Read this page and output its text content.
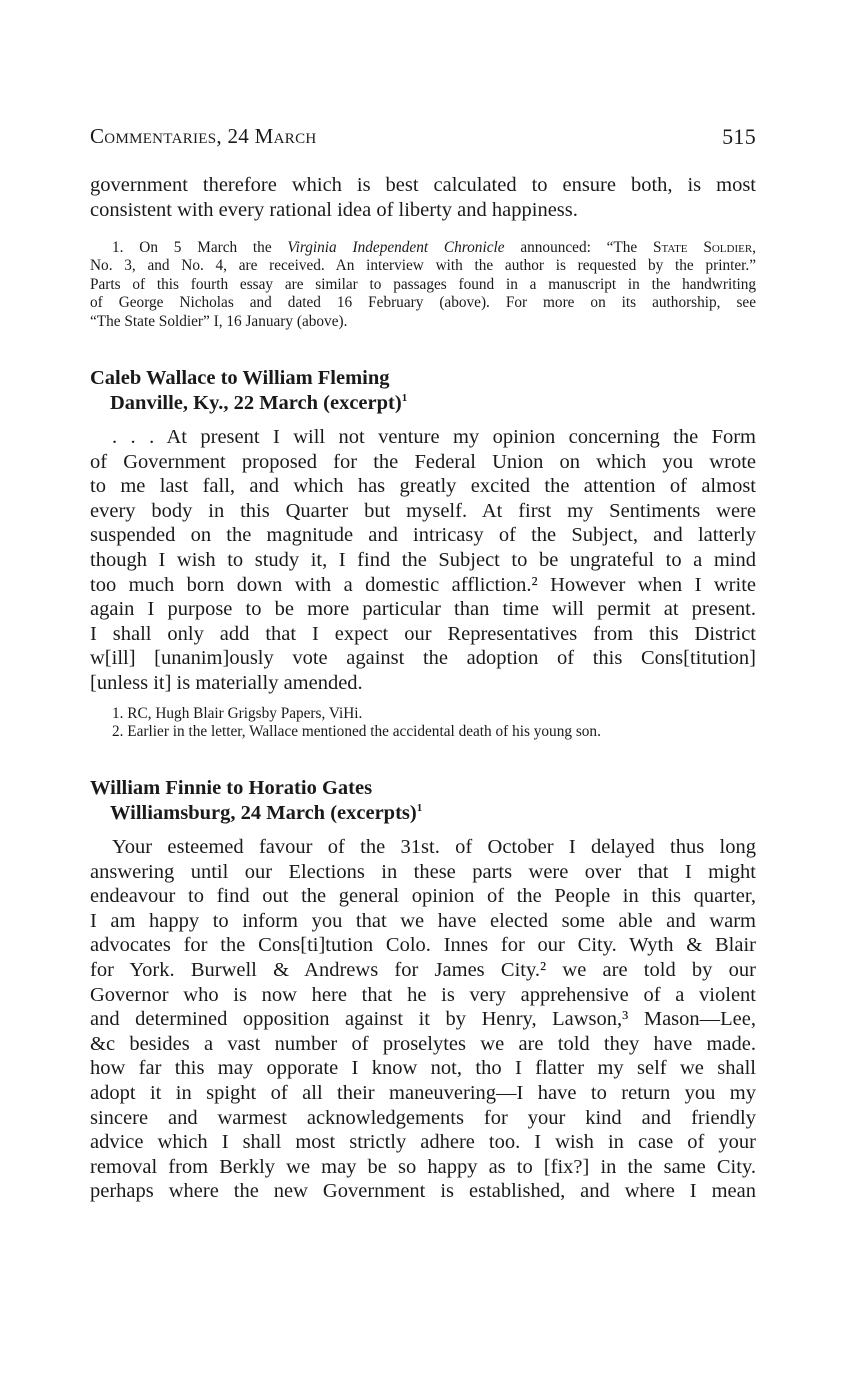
Commentaries, 24 March	515

government therefore which is best calculated to ensure both, is most
consistent with every rational idea of liberty and happiness.

1. On 5 March the Virginia Independent Chronicle announced: “The State Soldier,
No. 3, and No. 4, are received. An interview with the author is requested by the printer.”
Parts of this fourth essay are similar to passages found in a manuscript in the handwriting
of George Nicholas and dated 16 February (above). For more on its authorship, see
“The State Soldier” I, 16 January (above).

Caleb Wallace to William Fleming
Danville, Ky., 22 March (excerpt)$^1$

. . . At present I will not venture my opinion concerning the Form
of Government proposed for the Federal Union on which you wrote
to me last fall, and which has greatly excited the attention of almost
every body in this Quarter but myself. At first my Sentiments were
suspended on the magnitude and intricasy of the Subject, and latterly
though I wish to study it, I find the Subject to be ungrateful to a mind
too much born down with a domestic affliction.² However when I write
again I purpose to be more particular than time will permit at present.
I shall only add that I expect our Representatives from this District
w[ill] [unanim]ously vote against the adoption of this Cons[titution]
[unless it] is materially amended.

1. RC, Hugh Blair Grigsby Papers, ViHi.
2. Earlier in the letter, Wallace mentioned the accidental death of his young son.

William Finnie to Horatio Gates
Williamsburg, 24 March (excerpts)$^1$

Your esteemed favour of the 31st. of October I delayed thus long
answering until our Elections in these parts were over that I might
endeavour to find out the general opinion of the People in this quarter,
I am happy to inform you that we have elected some able and warm
advocates for the Cons[ti]tution Colo. Innes for our City. Wyth & Blair
for York. Burwell & Andrews for James City.² we are told by our
Governor who is now here that he is very apprehensive of a violent
and determined opposition against it by Henry, Lawson,³ Mason—Lee,
&c besides a vast number of proselytes we are told they have made.
how far this may opporate I know not, tho I flatter my self we shall
adopt it in spight of all their maneuvering—I have to return you my
sincere and warmest acknowledgements for your kind and friendly
advice which I shall most strictly adhere too. I wish in case of your
removal from Berkly we may be so happy as to [fix?] in the same City.
perhaps where the new Government is established, and where I mean
